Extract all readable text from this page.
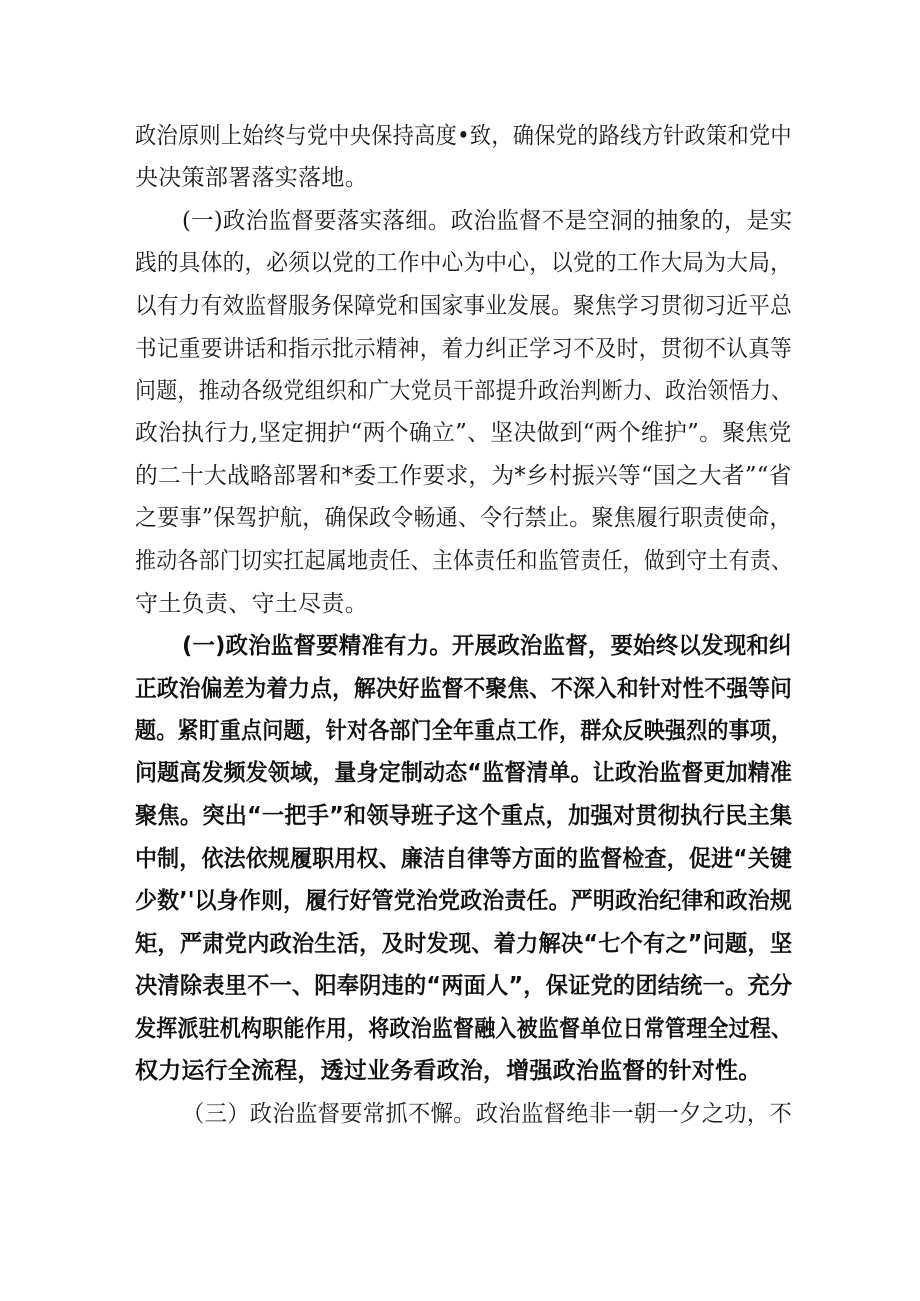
政治原则上始终与党中央保持高度•致，确保党的路线方针政策和党中
央决策部署落实落地。
(一)政治监督要落实落细。政治监督不是空洞的抽象的，是实
践的具体的，必须以党的工作中心为中心，以党的工作大局为大局，
以有力有效监督服务保障党和国家事业发展。聚焦学习贯彻习近平总
书记重要讲话和指示批示精神，着力纠正学习不及时，贯彻不认真等
问题，推动各级党组织和广大党员干部提升政治判断力、政治领悟力、
政治执行力,坚定拥护“两个确立”、坚决做到“两个维护”。聚焦党
的二十大战略部署和*委工作要求，为*乡村振兴等“国之大者”“省
之要事”保驾护航，确保政令畅通、令行禁止。聚焦履行职责使命，
推动各部门切实扛起属地责任、主体责任和监管责任，做到守土有责、
守土负责、守土尽责。
(一)政治监督要精准有力。开展政治监督，要始终以发现和纠
正政治偏差为着力点，解决好监督不聚焦、不深入和针对性不强等问
题。紧盯重点问题，针对各部门全年重点工作，群众反映强烈的事项，
问题高发频发领域，量身定制动态“监督清单。让政治监督更加精准
聚焦。突出“一把手”和领导班子这个重点，加强对贯彻执行民主集
中制，依法依规履职用权、廉洁自律等方面的监督检查，促进“关键
少数’'以身作则，履行好管党治党政治责任。严明政治纪律和政治规
矩，严肃党内政治生活，及时发现、着力解决“七个有之”问题，坚
决清除表里不一、阳奉阴违的“两面人”，保证党的团结统一。充分
发挥派驻机构职能作用，将政治监督融入被监督单位日常管理全过程、
权力运行全流程，透过业务看政治，增强政治监督的针对性。
（三）政治监督要常抓不懈。政治监督绝非一朝一夕之功，不
